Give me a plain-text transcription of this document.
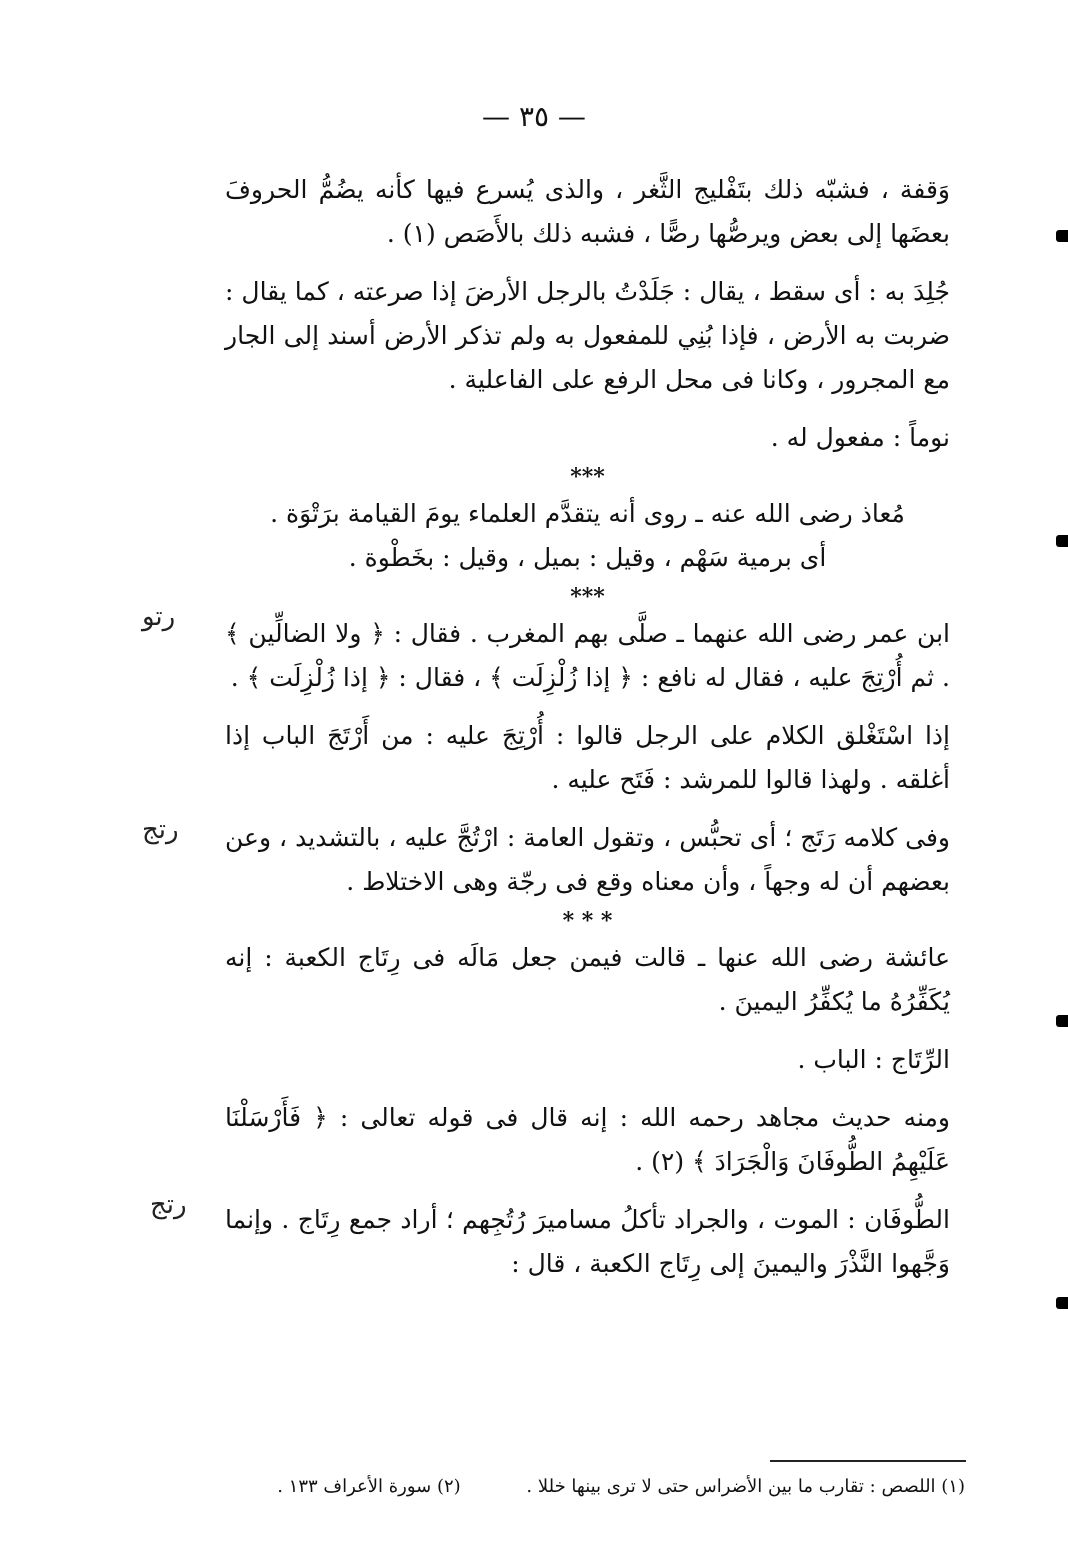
— ٣٥ —

وَقفة ، فشبّه ذلك بتَفْليج الثَّغر ، والذى يُسرع فيها كأنه يضُمُّ الحروفَ بعضَها إلى بعض ويرصُّها رصًّا ، فشبه ذلك بالأَصَص (١) .

جُلِدَ به : أى سقط ، يقال : جَلَدْتُ بالرجل الأرضَ إذا صرعته ، كما يقال : ضربت به الأرض ، فإذا بُنِي للمفعول به ولم تذكر الأرض أسند إلى الجار مع المجرور ، وكانا فى محل الرفع على الفاعلية .

نوماً : مفعول له .

***

مُعاذ رضى الله عنه ـ روى أنه يتقدَّم العلماء يومَ القيامة برَتْوَة .

أى برمية سَهْم ، وقيل : بميل ، وقيل : بخَطْوة .

***

ابن عمر رضى الله عنهما ـ صلَّى بهم المغرب . فقال : ﴿ ولا الضالِّين ﴾ . ثم أُرْتِجَ عليه ، فقال له نافع : ﴿ إذا زُلْزِلَت ﴾ ، فقال : ﴿ إذا زُلْزِلَت ﴾ .

إذا اسْتَغْلق الكلام على الرجل قالوا : أُرْتِجَ عليه : من أَرْتَجَ الباب إذا أغلقه . ولهذا قالوا للمرشد : فَتَح عليه .

وفى كلامه رَتَج ؛ أى تحبُّس ، وتقول العامة : ارْتُجَّ عليه ، بالتشديد ، وعن بعضهم أن له وجهاً ، وأن معناه وقع فى رجّة وهى الاختلاط .

* * *

عائشة رضى الله عنها ـ قالت فيمن جعل مَالَه فى رِتَاج الكعبة : إنه يُكَفِّرُهُ ما يُكفِّرُ اليمينَ .

الرِّتَاج : الباب .

ومنه حديث مجاهد رحمه الله : إنه قال فى قوله تعالى : ﴿ فَأَرْسَلْنَا عَلَيْهِمُ الطُّوفَانَ وَالْجَرَادَ ﴾ (٢) .

الطُّوفَان : الموت ، والجراد تأكلُ مساميرَ رُتُجِهم ؛ أراد جمع رِتَاج . وإنما وَجَّهوا النَّذْرَ واليمينَ إلى رِتَاج الكعبة ، قال :

رتو
رتج
رتج
(١) اللصص : تقارب ما بين الأضراس حتى لا ترى بينها خللا . (٢) سورة الأعراف ١٣٣ .
